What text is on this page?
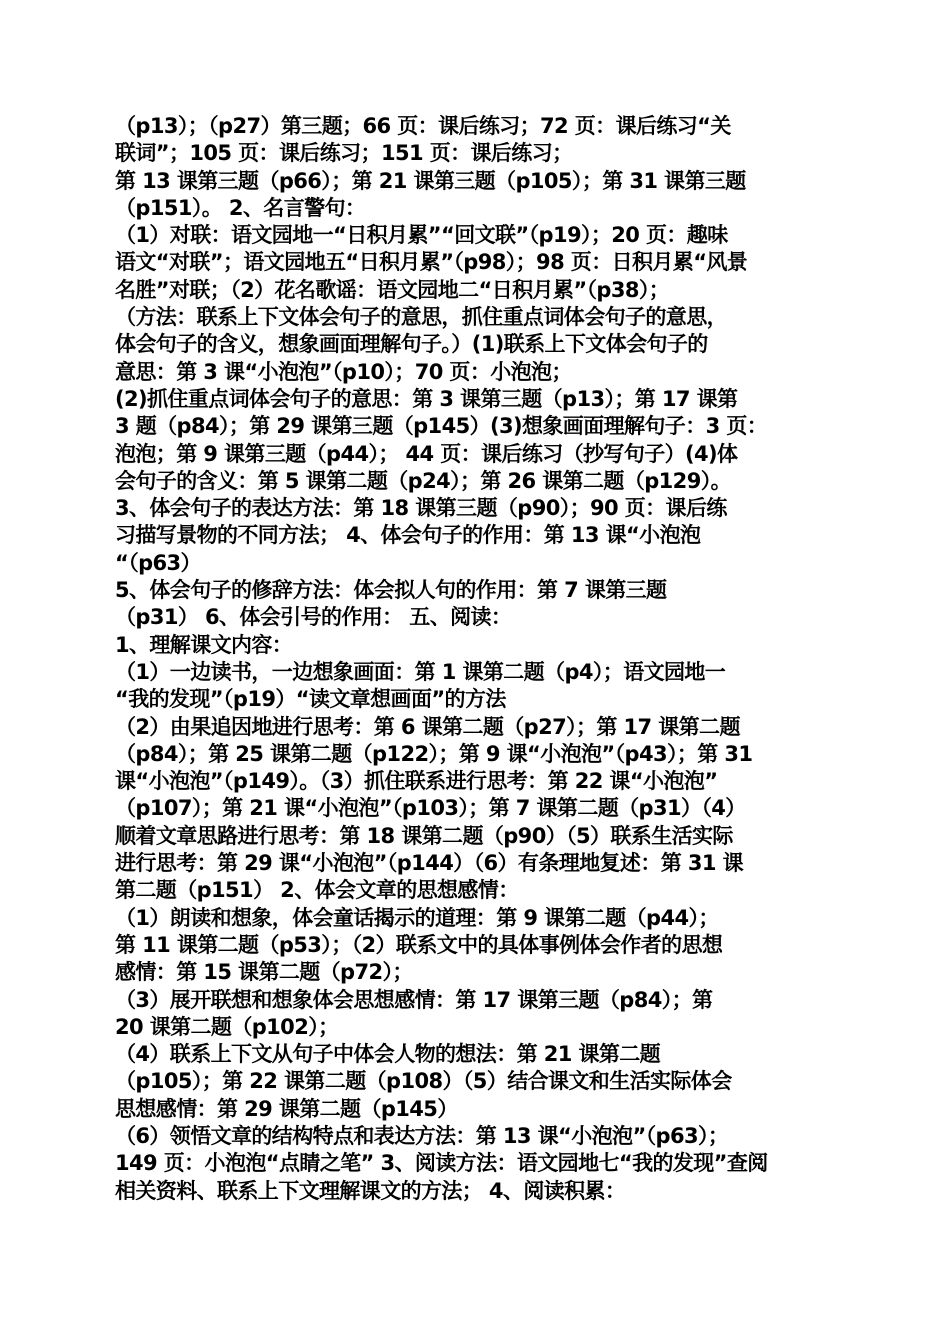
（p13）；（p27）第三题；66 页：课后练习；72 页：课后练习“关
联词”；105 页：课后练习；151 页：课后练习；
第 13 课第三题（p66）；第 21 课第三题（p105）；第 31 课第三题
（p151）。 2、名言警句：
（1）对联：语文园地一“日积月累”“回文联”（p19）；20 页：趣味
语文“对联”；语文园地五“日积月累”（p98）；98 页：日积月累“风景
名胜”对联；（2）花名歌谣：语文园地二“日积月累”（p38）；
（方法：联系上下文体会句子的意思，抓住重点词体会句子的意思，
体会句子的含义，想象画面理解句子。）(1)联系上下文体会句子的
意思：第 3 课“小泡泡”（p10）；70 页：小泡泡；
(2)抓住重点词体会句子的意思：第 3 课第三题（p13）；第 17 课第
3 题（p84）；第 29 课第三题（p145）(3)想象画面理解句子：3 页：
泡泡；第 9 课第三题（p44）； 44 页：课后练习（抄写句子）(4)体
会句子的含义：第 5 课第二题（p24）；第 26 课第二题（p129）。
3、体会句子的表达方法：第 18 课第三题（p90）；90 页：课后练
习描写景物的不同方法； 4、体会句子的作用：第 13 课“小泡泡
“（p63）
5、体会句子的修辞方法：体会拟人句的作用：第 7 课第三题
（p31） 6、体会引号的作用： 五、阅读：
1、理解课文内容：
（1）一边读书，一边想象画面：第 1 课第二题（p4）；语文园地一
“我的发现”（p19）“读文章想画面”的方法
（2）由果追因地进行思考：第 6 课第二题（p27）；第 17 课第二题
（p84）；第 25 课第二题（p122）；第 9 课“小泡泡”（p43）；第 31
课“小泡泡”（p149）。（3）抓住联系进行思考：第 22 课“小泡泡”
（p107）；第 21 课“小泡泡”（p103）；第 7 课第二题（p31）（4）
顺着文章思路进行思考：第 18 课第二题（p90）（5）联系生活实际
进行思考：第 29 课“小泡泡”（p144）（6）有条理地复述：第 31 课
第二题（p151） 2、体会文章的思想感情：
（1）朗读和想象，体会童话揭示的道理：第 9 课第二题（p44）；
第 11 课第二题（p53）；（2）联系文中的具体事例体会作者的思想
感情：第 15 课第二题（p72）；
（3）展开联想和想象体会思想感情：第 17 课第三题（p84）；第
20 课第二题（p102）；
（4）联系上下文从句子中体会人物的想法：第 21 课第二题
（p105）；第 22 课第二题（p108）（5）结合课文和生活实际体会
思想感情：第 29 课第二题（p145）
（6）领悟文章的结构特点和表达方法：第 13 课“小泡泡”（p63）；
149 页：小泡泡“点睛之笔” 3、阅读方法：语文园地七“我的发现”查阅
相关资料、联系上下文理解课文的方法； 4、阅读积累：
